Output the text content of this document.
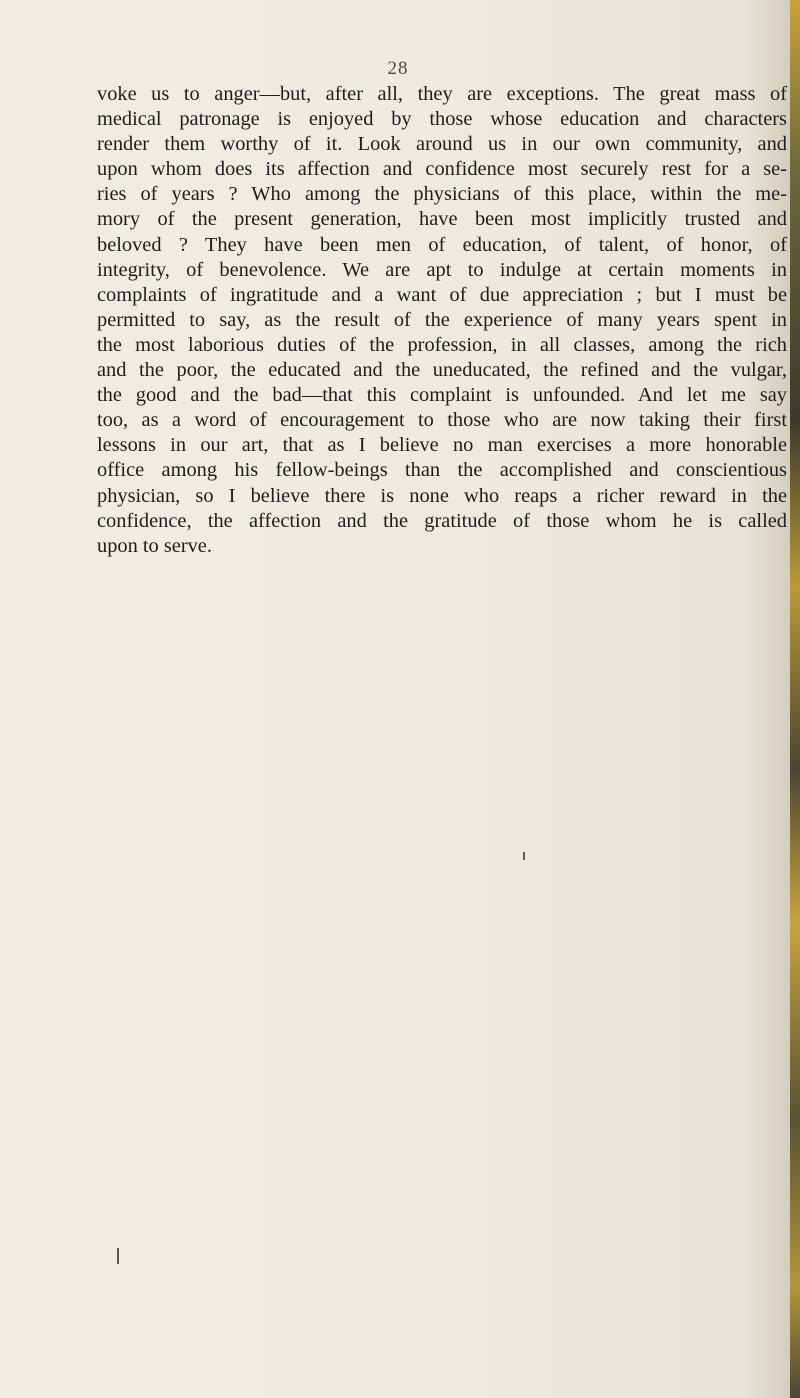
28

voke us to anger—but, after all, they are exceptions. The great mass of
medical patronage is enjoyed by those whose education and characters
render them worthy of it. Look around us in our own community, and
upon whom does its affection and confidence most securely rest for a se-
ries of years ? Who among the physicians of this place, within the me-
mory of the present generation, have been most implicitly trusted and
beloved ? They have been men of education, of talent, of honor, of
integrity, of benevolence. We are apt to indulge at certain moments in
complaints of ingratitude and a want of due appreciation ; but I must be
permitted to say, as the result of the experience of many years spent in
the most laborious duties of the profession, in all classes, among the rich
and the poor, the educated and the uneducated, the refined and the vulgar,
the good and the bad—that this complaint is unfounded. And let me say
too, as a word of encouragement to those who are now taking their first
lessons in our art, that as I believe no man exercises a more honorable
office among his fellow-beings than the accomplished and conscientious
physician, so I believe there is none who reaps a richer reward in the
confidence, the affection and the gratitude of those whom he is called
upon to serve.
